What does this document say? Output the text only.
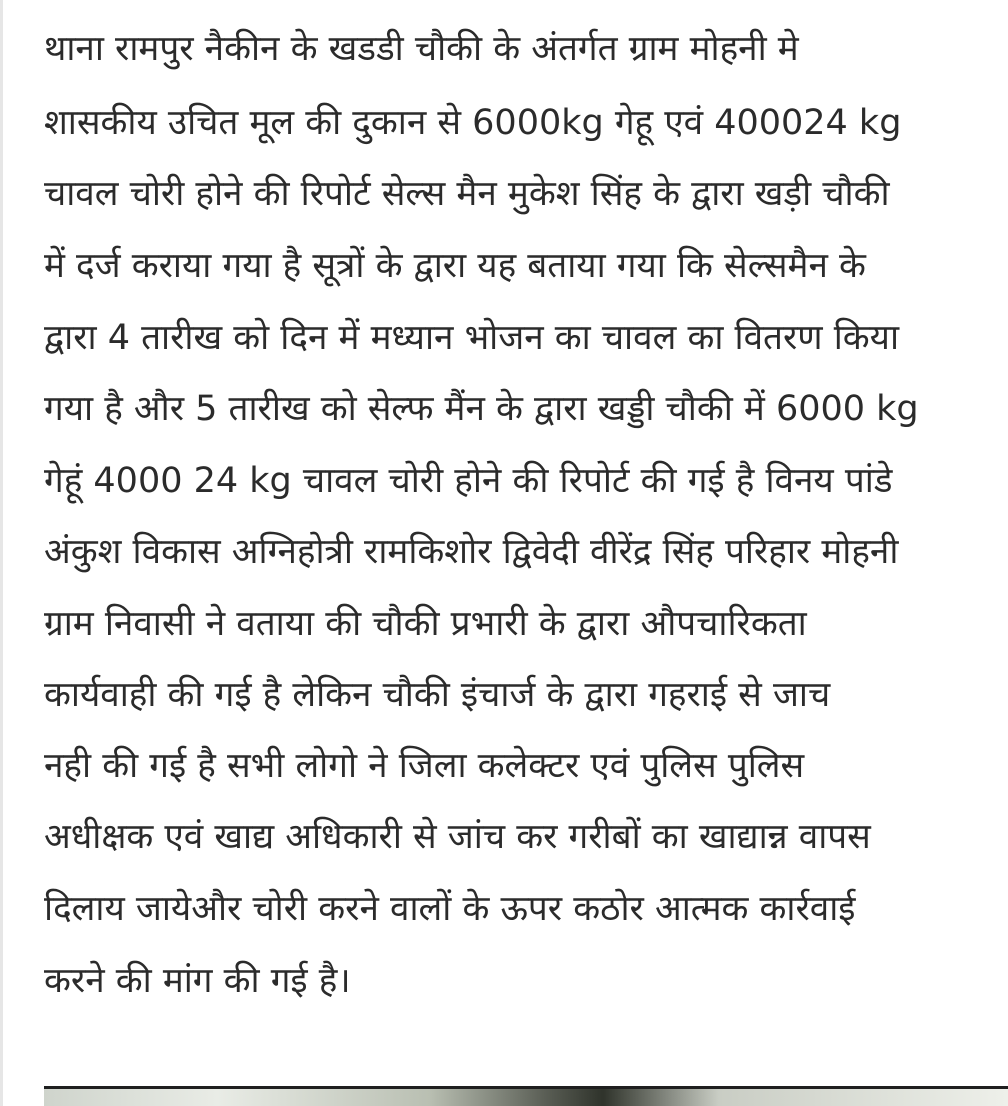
थाना रामपुर नैकीन के खडडी चौकी के अंतर्गत ग्राम मोहनी मे
शासकीय उचित मूल की दुकान से 6000kg गेहू एवं 400024 kg
चावल चोरी होने की रिपोर्ट सेल्स मैन मुकेश सिंह के द्वारा खड़ी चौकी
में दर्ज कराया गया है सूत्रों के द्वारा यह बताया गया कि सेल्समैन के
द्वारा 4 तारीख को दिन में मध्यान भोजन का चावल का वितरण किया
गया है और 5 तारीख को सेल्फ मैंन के द्वारा खड्डी चौकी में 6000 kg
गेहूं 4000 24 kg चावल चोरी होने की रिपोर्ट की गई है विनय पांडे
अंकुश विकास अग्निहोत्री रामकिशोर द्विवेदी वीरेंद्र सिंह परिहार मोहनी
ग्राम निवासी ने वताया की चौकी प्रभारी के द्वारा औपचारिकता
कार्यवाही की गई है लेकिन चौकी इंचार्ज के द्वारा गहराई से जाच
नही की गई है सभी लोगो ने जिला कलेक्टर एवं पुलिस पुलिस
अधीक्षक एवं खाद्य अधिकारी से जांच कर गरीबों का खाद्यान्न वापस
दिलाय जायेऔर चोरी करने वालों के ऊपर कठोर आत्मक कार्रवाई
करने की मांग की गई है।
